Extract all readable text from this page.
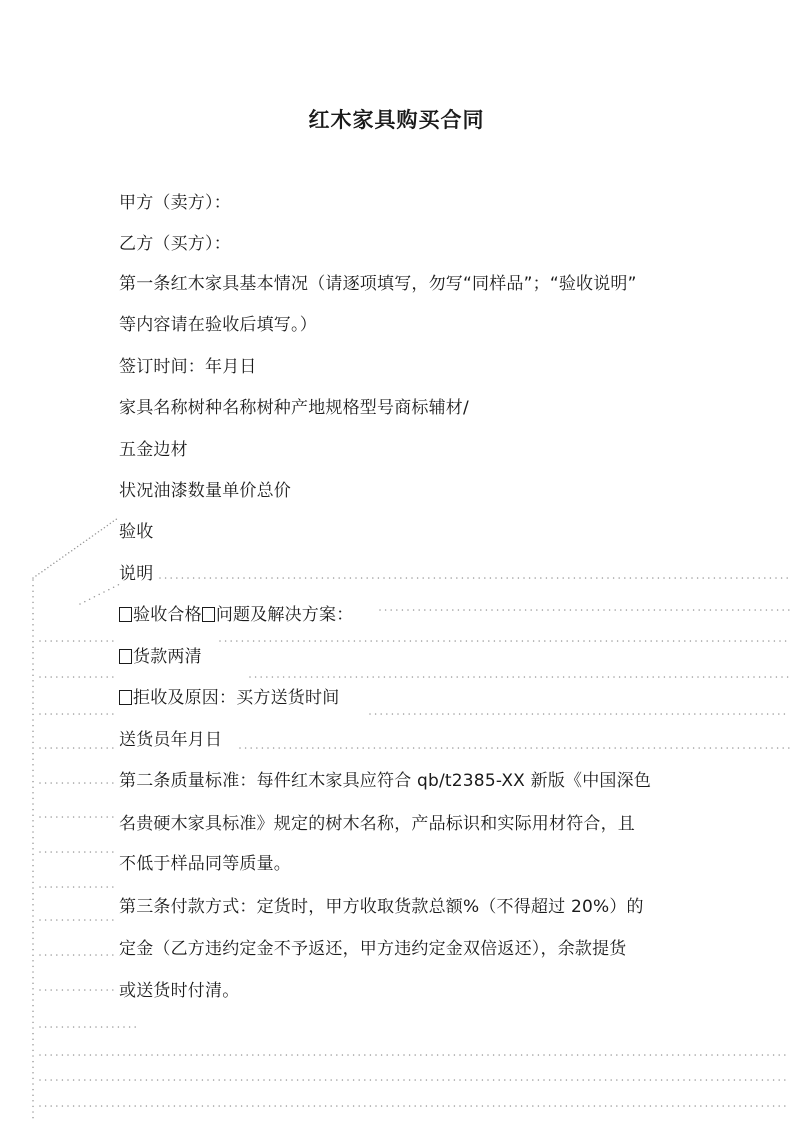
红木家具购买合同
甲方（卖方）：
乙方（买方）：
第一条红木家具基本情况（请逐项填写，勿写“同样品”；“验收说明”
等内容请在验收后填写。）
签订时间：年月日
家具名称树种名称树种产地规格型号商标辅材/
五金边材
状况油漆数量单价总价
验收
说明
验收合格 问题及解决方案：
货款两清
拒收及原因：买方送货时间
送货员年月日
第二条质量标准：每件红木家具应符合 qb/t2385-XX 新版《中国深色
名贵硬木家具标准》规定的树木名称，产品标识和实际用材符合，且
不低于样品同等质量。
第三条付款方式：定货时，甲方收取货款总额%（不得超过 20%）的
定金（乙方违约定金不予返还，甲方违约定金双倍返还），余款提货
或送货时付清。
